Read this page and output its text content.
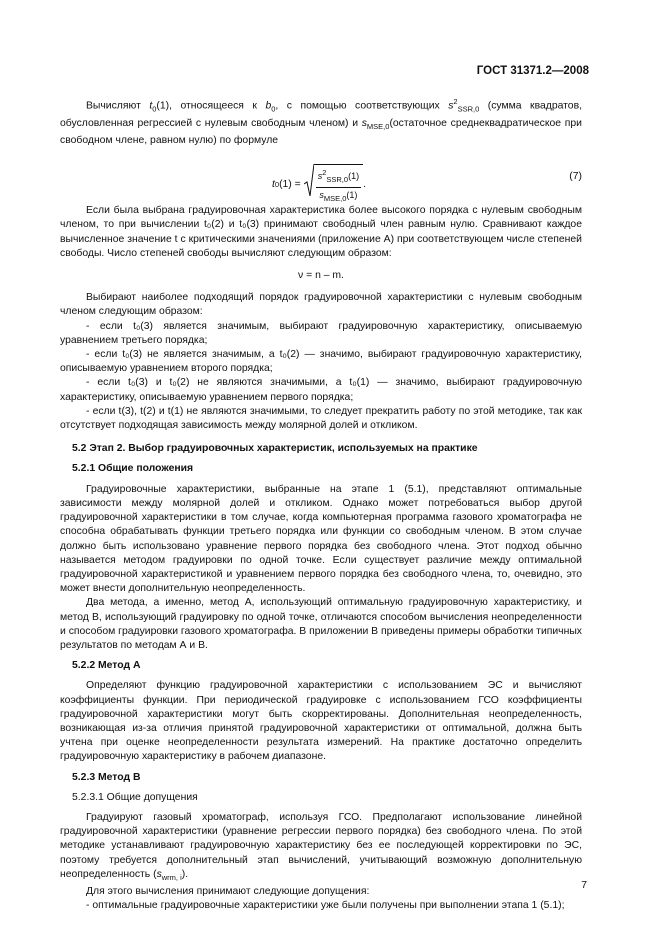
ГОСТ 31371.2—2008

Вычисляют $t_0(1)$, относящееся к $b_0$, с помощью соответствующих $s^2_{SSR,0}$ (сумма квадратов, обусловленная регрессией с нулевым свободным членом) и $s_{MSE,0}(остаточное$ среднеквадратическое при свободном члене, равном нулю) по формуле

t 0 $(1) = \frac{s^2_{SSR,0}(1)}{s_{MSE,0}(1)}$ .
(7)

Если была выбрана градуировочная характеристика более высокого порядка с нулевым свободным членом, то при вычислении t₀(2) и t₀(3) принимают свободный член равным нулю. Сравнивают каждое вычисленное значение t с критическими значениями (приложение А) при соответствующем числе степеней свободы. Число степеней свободы вычисляют следующим образом:

ν = n – m.

Выбирают наиболее подходящий порядок градуировочной характеристики с нулевым свободным членом следующим образом:

- если t₀(3) является значимым, выбирают градуировочную характеристику, описываемую уравнением третьего порядка;

- если t₀(3) не является значимым, а t₀(2) — значимо, выбирают градуировочную характеристику, описываемую уравнением второго порядка;

- если t₀(3) и t₀(2) не являются значимыми, а t₀(1) — значимо, выбирают градуировочную характеристику, описываемую уравнением первого порядка;

- если t(3), t(2) и t(1) не являются значимыми, то следует прекратить работу по этой методике, так как отсутствует подходящая зависимость между молярной долей и откликом.

5.2 Этап 2. Выбор градуировочных характеристик, используемых на практике

5.2.1 Общие положения

Градуировочные характеристики, выбранные на этапе 1 (5.1), представляют оптимальные зависимости между молярной долей и откликом. Однако может потребоваться выбор другой градуировочной характеристики в том случае, когда компьютерная программа газового хроматографа не способна обрабатывать функции третьего порядка или функции со свободным членом. В этом случае должно быть использовано уравнение первого порядка без свободного члена. Этот подход обычно называется методом градуировки по одной точке. Если существует различие между оптимальной градуировочной характеристикой и уравнением первого порядка без свободного члена, то, очевидно, это может внести дополнительную неопределенность.

Два метода, а именно, метод А, использующий оптимальную градуировочную характеристику, и метод В, использующий градуировку по одной точке, отличаются способом вычисления неопределенности и способом градуировки газового хроматографа. В приложении В приведены примеры обработки типичных результатов по методам А и В.

5.2.2 Метод А

Определяют функцию градуировочной характеристики с использованием ЭС и вычисляют коэффициенты функции. При периодической градуировке с использованием ГСО коэффициенты градуировочной характеристики могут быть скорректированы. Дополнительная неопределенность, возникающая из-за отличия принятой градуировочной характеристики от оптимальной, должна быть учтена при оценке неопределенности результата измерений. На практике достаточно определить градуировочную характеристику в рабочем диапазоне.

5.2.3 Метод В

5.2.3.1 Общие допущения

Градуируют газовый хроматограф, используя ГСО. Предполагают использование линейной градуировочной характеристики (уравнение регрессии первого порядка) без свободного члена. По этой методике устанавливают градуировочную характеристику без ее последующей корректировки по ЭС, поэтому требуется дополнительный этап вычислений, учитывающий возможную дополнительную неопределенность $(s_{wrm, i})$.

Для этого вычисления принимают следующие допущения:

- оптимальные градуировочные характеристики уже были получены при выполнении этапа 1 (5.1);

7
